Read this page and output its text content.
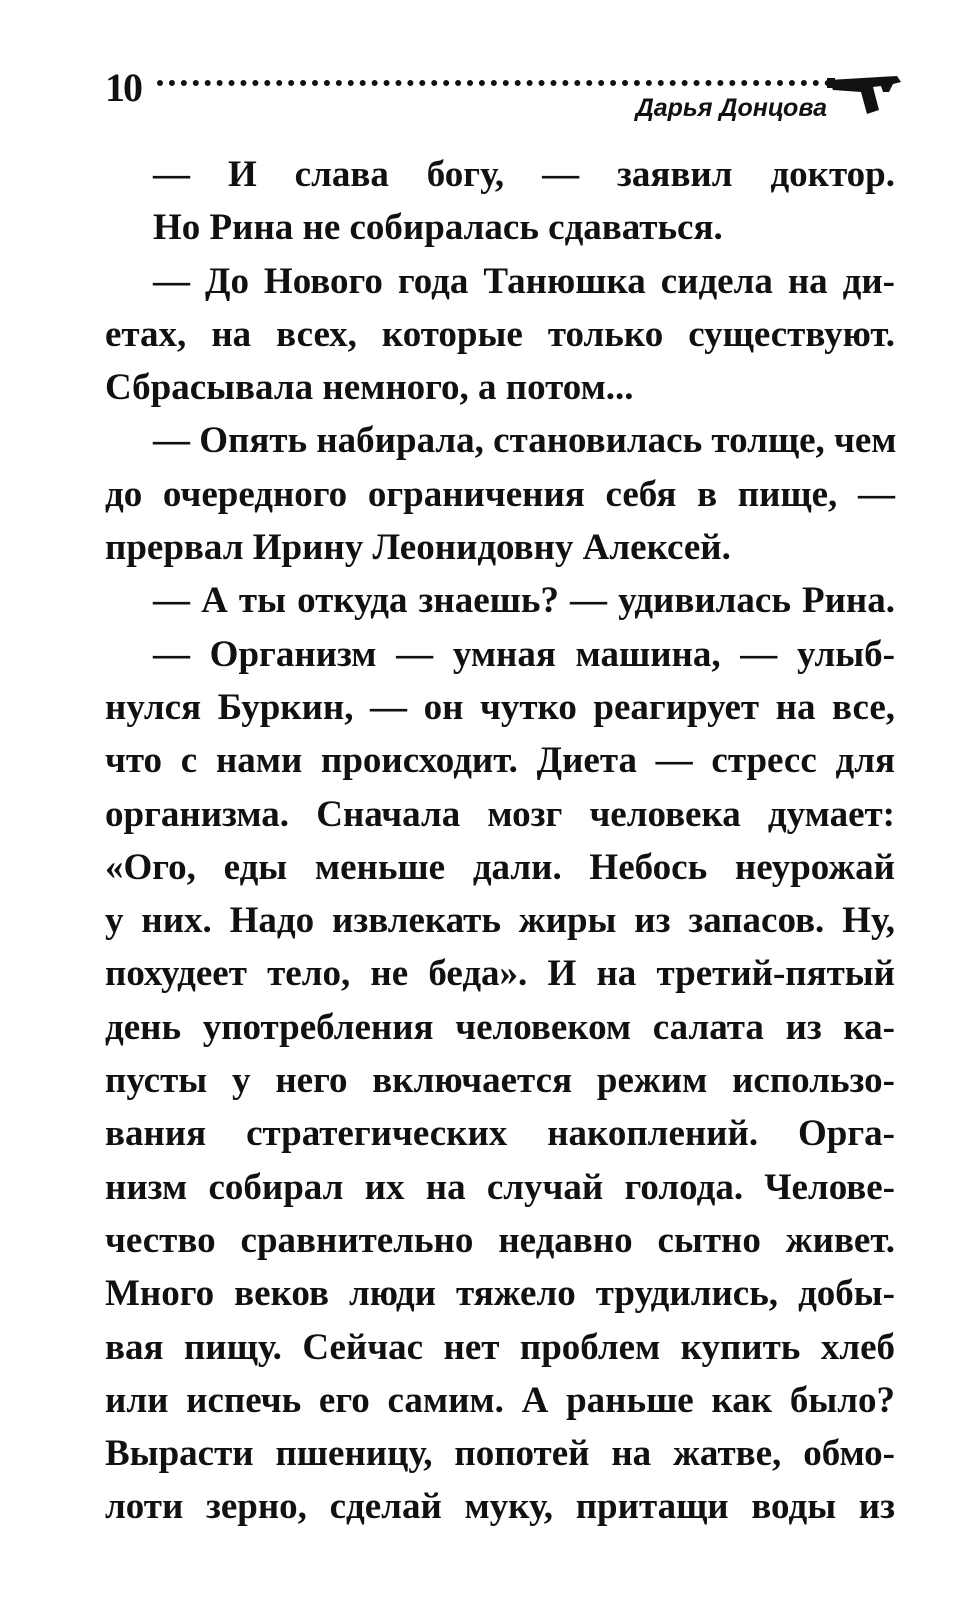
10	Дарья Донцова
— И слава богу, — заявил доктор.
Но Рина не собиралась сдаваться.
— До Нового года Танюшка сидела на ди-
етах, на всех, которые только существуют.
Сбрасывала немного, а потом...
— Опять набирала, становилась толще, чем
до очередного ограничения себя в пище, —
прервал Ирину Леонидовну Алексей.
— А ты откуда знаешь? — удивилась Рина.
— Организм — умная машина, — улыб-
нулся Буркин, — он чутко реагирует на все,
что с нами происходит. Диета — стресс для
организма. Сначала мозг человека думает:
«Ого, еды меньше дали. Небось неурожай
у них. Надо извлекать жиры из запасов. Ну,
похудеет тело, не беда». И на третий-пятый
день употребления человеком салата из ка-
пусты у него включается режим использо-
вания стратегических накоплений. Орга-
низм собирал их на случай голода. Челове-
чество сравнительно недавно сытно живет.
Много веков люди тяжело трудились, добы-
вая пищу. Сейчас нет проблем купить хлеб
или испечь его самим. А раньше как было?
Вырасти пшеницу, попотей на жатве, обмо-
лоти зерно, сделай муку, притащи воды из
